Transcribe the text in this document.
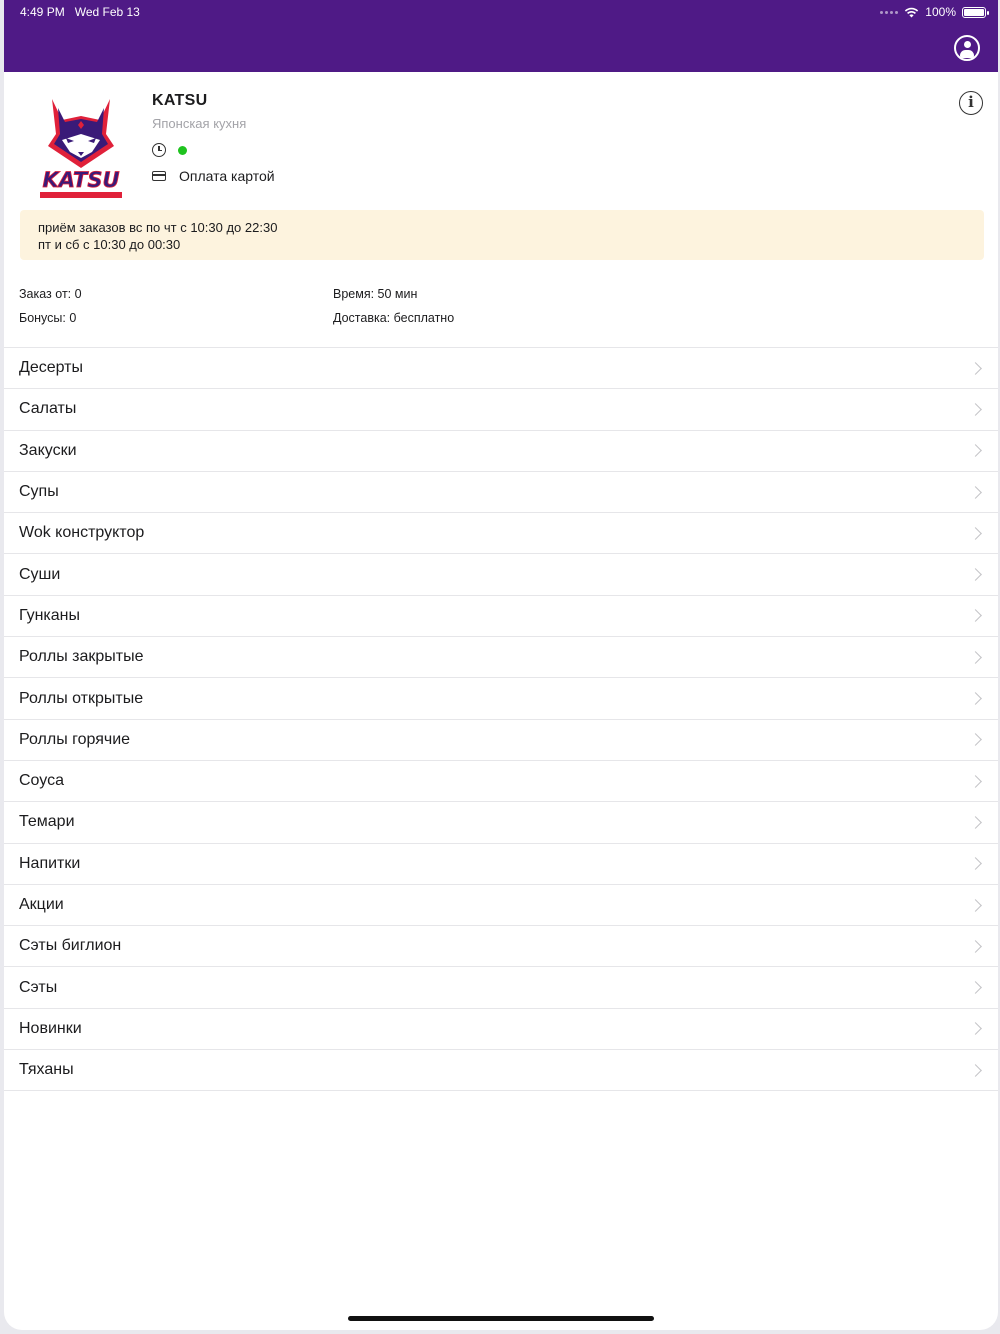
4:49 PM Wed Feb 13	100%
KATSU
KATSU
Японская кухня
Оплата картой
i
приём заказов вс по чт с 10:30 до 22:30
пт и сб с 10:30 до 00:30
Заказ от: 0
Бонусы: 0
Время: 50 мин
Доставка: бесплатно
Десерты
Салаты
Закуски
Супы
Wok конструктор
Суши
Гунканы
Роллы закрытые
Роллы открытые
Роллы горячие
Соуса
Темари
Напитки
Акции
Сэты биглион
Сэты
Новинки
Тяханы
